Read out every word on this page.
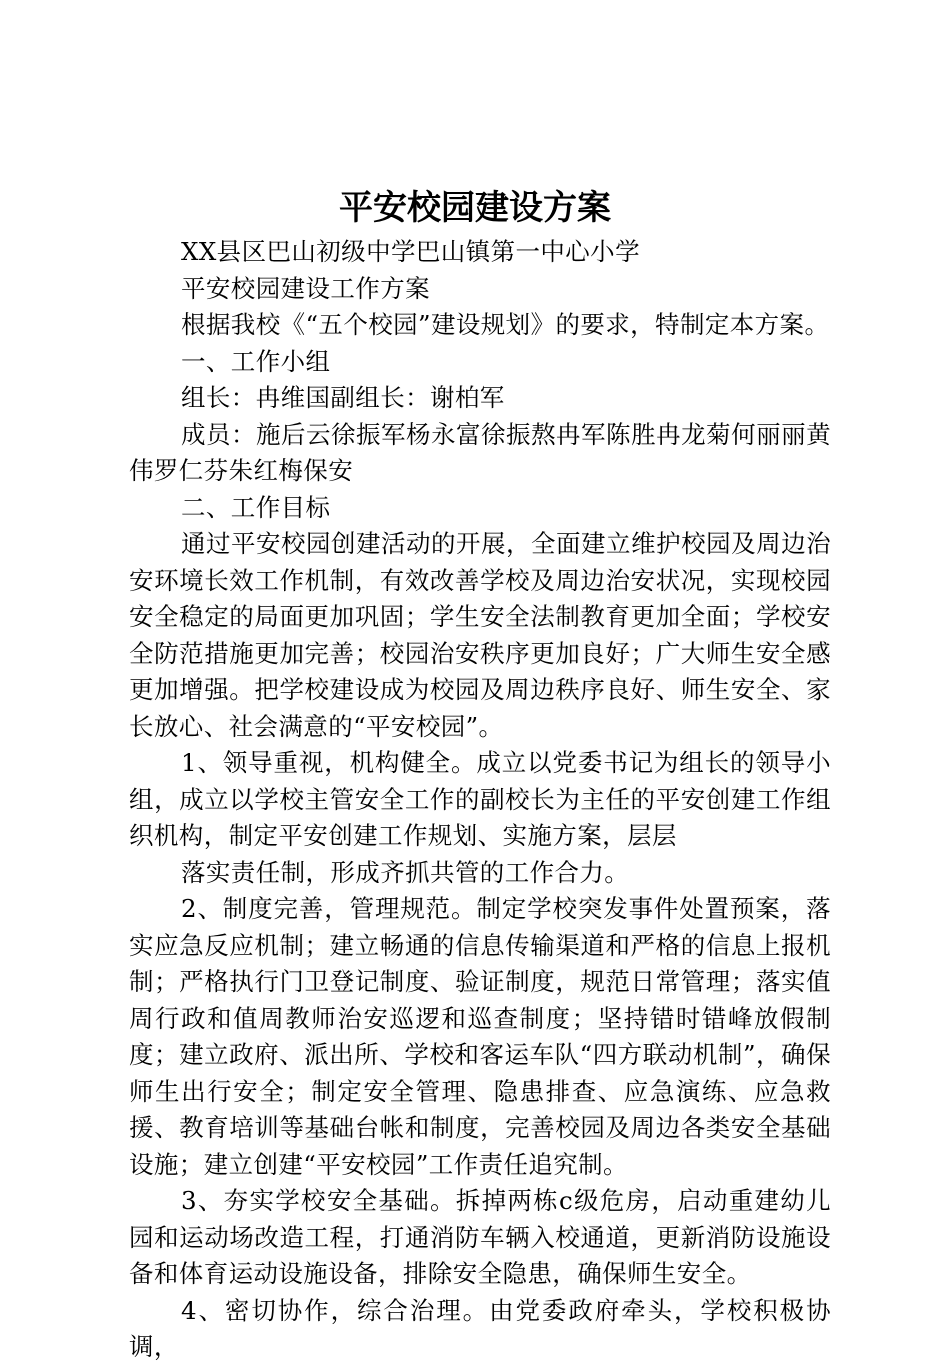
平安校园建设方案

XX县区巴山初级中学巴山镇第一中心小学

平安校园建设工作方案

根据我校《“五个校园”建设规划》的要求，特制定本方案。

一、工作小组

组长：冉维国副组长：谢柏军

成员：施后云徐振军杨永富徐振熬冉军陈胜冉龙菊何丽丽黄伟罗仁芬朱红梅保安

二、工作目标

通过平安校园创建活动的开展，全面建立维护校园及周边治安环境长效工作机制，有效改善学校及周边治安状况，实现校园安全稳定的局面更加巩固；学生安全法制教育更加全面；学校安全防范措施更加完善；校园治安秩序更加良好；广大师生安全感更加增强。把学校建设成为校园及周边秩序良好、师生安全、家长放心、社会满意的“平安校园”。

1、领导重视，机构健全。成立以党委书记为组长的领导小组，成立以学校主管安全工作的副校长为主任的平安创建工作组织机构，制定平安创建工作规划、实施方案，层层

落实责任制，形成齐抓共管的工作合力。

2、制度完善，管理规范。制定学校突发事件处置预案，落实应急反应机制；建立畅通的信息传输渠道和严格的信息上报机制；严格执行门卫登记制度、验证制度，规范日常管理；落实值周行政和值周教师治安巡逻和巡查制度；坚持错时错峰放假制度；建立政府、派出所、学校和客运车队“四方联动机制”，确保师生出行安全；制定安全管理、隐患排查、应急演练、应急救援、教育培训等基础台帐和制度，完善校园及周边各类安全基础设施；建立创建“平安校园”工作责任追究制。

3、夯实学校安全基础。拆掉两栋c级危房，启动重建幼儿园和运动场改造工程，打通消防车辆入校通道，更新消防设施设备和体育运动设施设备，排除安全隐患，确保师生安全。

4、密切协作，综合治理。由党委政府牵头，学校积极协调，
